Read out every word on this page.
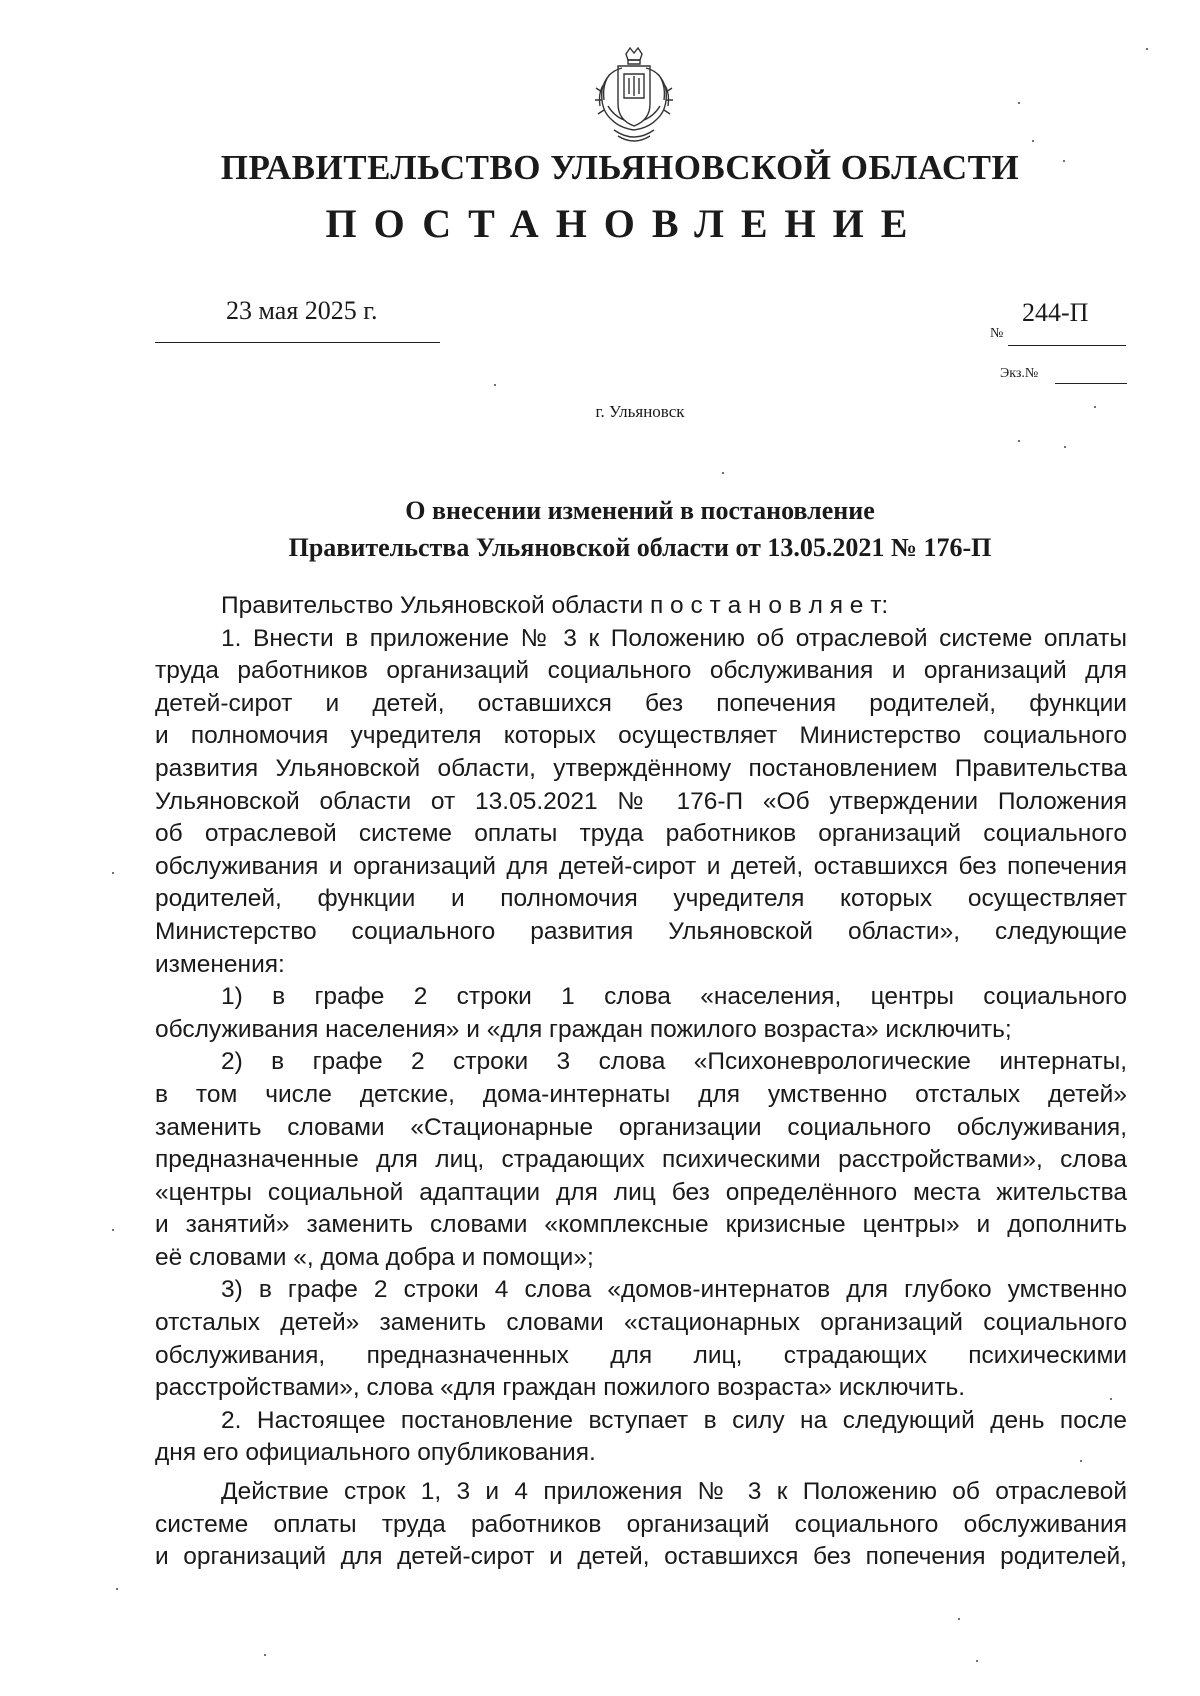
ПРАВИТЕЛЬСТВО УЛЬЯНОВСКОЙ ОБЛАСТИ
ПОСТАНОВЛЕНИЕ
23 мая 2025 г.
№
244-П
Экз.№
г. Ульяновск
О внесении изменений в постановление
Правительства Ульяновской области от 13.05.2021 № 176-П
Правительство Ульяновской области п о с т а н о в л я е т:
1. Внести в приложение № 3 к Положению об отраслевой системе оплаты
труда работников организаций социального обслуживания и организаций для
детей-сирот и детей, оставшихся без попечения родителей, функции
и полномочия учредителя которых осуществляет Министерство социального
развития Ульяновской области, утверждённому постановлением Правительства
Ульяновской области от 13.05.2021 № 176-П «Об утверждении Положения
об отраслевой системе оплаты труда работников организаций социального
обслуживания и организаций для детей-сирот и детей, оставшихся без попечения
родителей, функции и полномочия учредителя которых осуществляет
Министерство социального развития Ульяновской области», следующие
изменения:
1) в графе 2 строки 1 слова «населения, центры социального
обслуживания населения» и «для граждан пожилого возраста» исключить;
2) в графе 2 строки 3 слова «Психоневрологические интернаты,
в том числе детские, дома-интернаты для умственно отсталых детей»
заменить словами «Стационарные организации социального обслуживания,
предназначенные для лиц, страдающих психическими расстройствами», слова
«центры социальной адаптации для лиц без определённого места жительства
и занятий» заменить словами «комплексные кризисные центры» и дополнить
её словами «, дома добра и помощи»;
3) в графе 2 строки 4 слова «домов-интернатов для глубоко умственно
отсталых детей» заменить словами «стационарных организаций социального
обслуживания, предназначенных для лиц, страдающих психическими
расстройствами», слова «для граждан пожилого возраста» исключить.
2. Настоящее постановление вступает в силу на следующий день после
дня его официального опубликования.
Действие строк 1, 3 и 4 приложения № 3 к Положению об отраслевой
системе оплаты труда работников организаций социального обслуживания
и организаций для детей-сирот и детей, оставшихся без попечения родителей,
